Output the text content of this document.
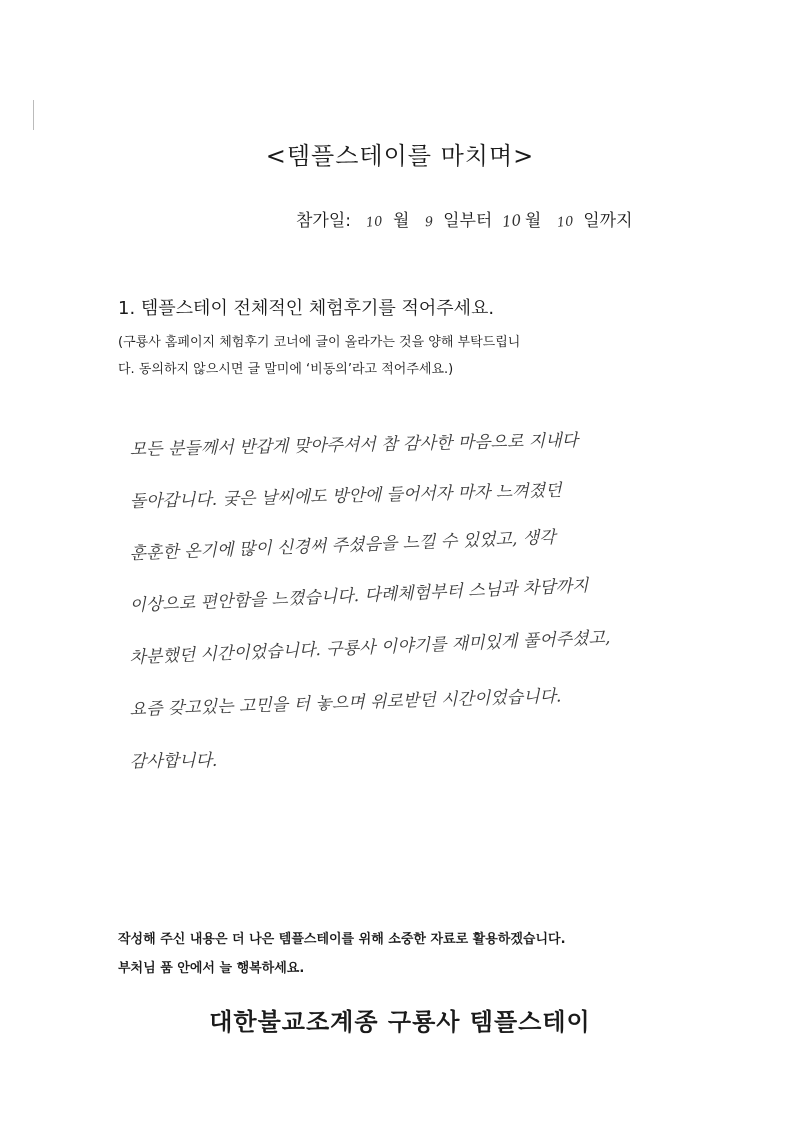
<템플스테이를 마치며>
참가일: 10 월 9 일부터 10 월 10 일까지
1. 템플스테이 전체적인 체험후기를 적어주세요.
(구룡사 홈페이지 체험후기 코너에 글이 올라가는 것을 양해 부탁드립니
다. 동의하지 않으시면 글 말미에 ‘비동의’라고 적어주세요.)
모든 분들께서 반갑게 맞아주셔서 참 감사한 마음으로 지내다
돌아갑니다. 궂은 날씨에도 방안에 들어서자 마자 느껴졌던
훈훈한 온기에 많이 신경써 주셨음을 느낄 수 있었고, 생각
이상으로 편안함을 느꼈습니다. 다례체험부터 스님과 차담까지
차분했던 시간이었습니다. 구룡사 이야기를 재미있게 풀어주셨고,
요즘 갖고있는 고민을 터 놓으며 위로받던 시간이었습니다.
감사합니다.
작성해 주신 내용은 더 나은 템플스테이를 위해 소중한 자료로 활용하겠습니다.
부처님 품 안에서 늘 행복하세요.
대한불교조계종 구룡사 템플스테이
